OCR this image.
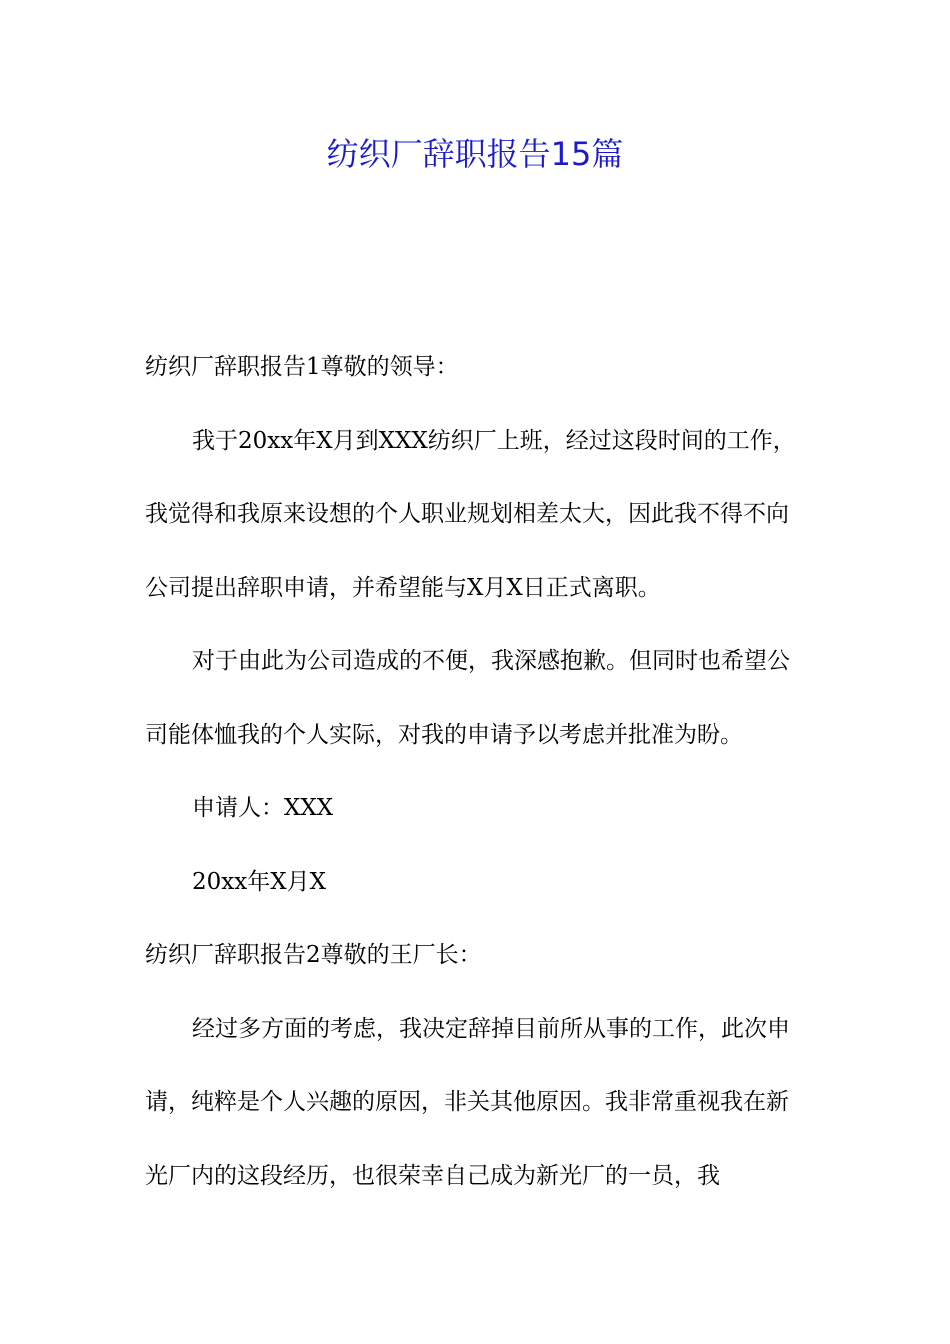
纺织厂辞职报告15篇

纺织厂辞职报告1尊敬的领导：

我于20xx年X月到XXX纺织厂上班，经过这段时间的工作，我觉得和我原来设想的个人职业规划相差太大，因此我不得不向公司提出辞职申请，并希望能与X月X日正式离职。

对于由此为公司造成的不便，我深感抱歉。但同时也希望公司能体恤我的个人实际，对我的申请予以考虑并批准为盼。

申请人：XXX

20xx年X月X

纺织厂辞职报告2尊敬的王厂长：

经过多方面的考虑，我决定辞掉目前所从事的工作，此次申请，纯粹是个人兴趣的原因，非关其他原因。我非常重视我在新光厂内的这段经历，也很荣幸自己成为新光厂的一员，我
